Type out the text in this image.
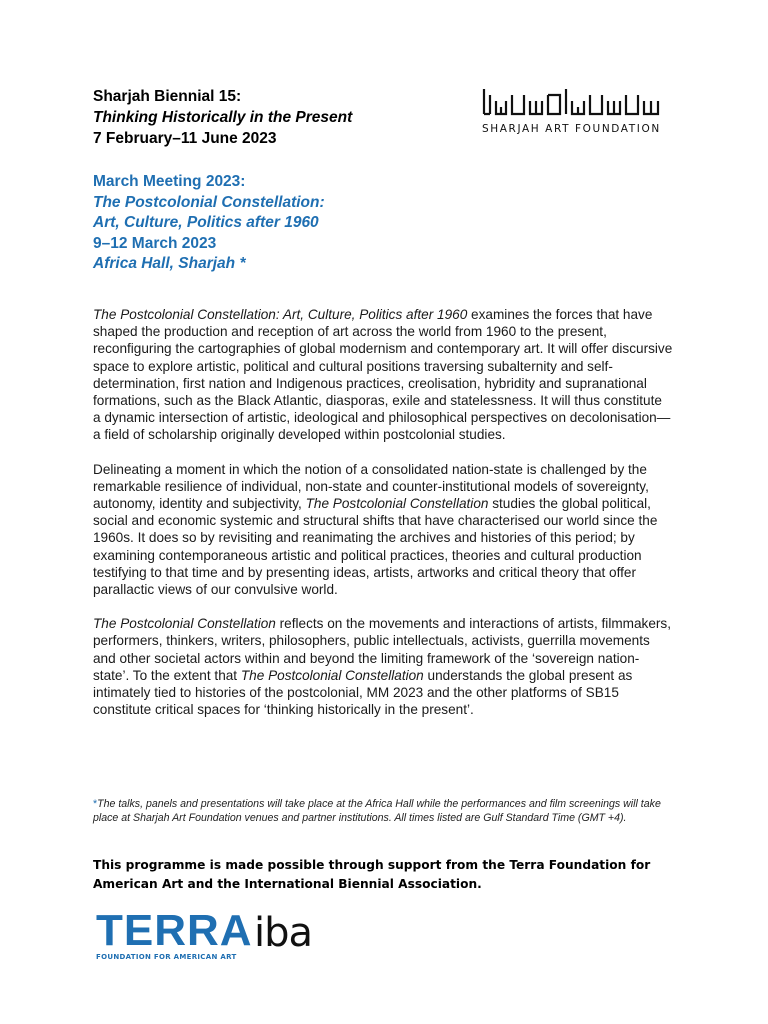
Sharjah Biennial 15:
Thinking Historically in the Present
7 February–11 June 2023
SHARJAH ART FOUNDATION
March Meeting 2023:
The Postcolonial Constellation:
Art, Culture, Politics after 1960
9–12 March 2023
Africa Hall, Sharjah *

The Postcolonial Constellation: Art, Culture, Politics after 1960 examines the forces that have shaped the production and reception of art across the world from 1960 to the present, reconfiguring the cartographies of global modernism and contemporary art. It will offer discursive space to explore artistic, political and cultural positions traversing subalternity and self-determination, first nation and Indigenous practices, creolisation, hybridity and supranational formations, such as the Black Atlantic, diasporas, exile and statelessness. It will thus constitute a dynamic intersection of artistic, ideological and philosophical perspectives on decolonisation—a field of scholarship originally developed within postcolonial studies.

Delineating a moment in which the notion of a consolidated nation-state is challenged by the remarkable resilience of individual, non-state and counter-institutional models of sovereignty, autonomy, identity and subjectivity, The Postcolonial Constellation studies the global political, social and economic systemic and structural shifts that have characterised our world since the 1960s. It does so by revisiting and reanimating the archives and histories of this period; by examining contemporaneous artistic and political practices, theories and cultural production testifying to that time and by presenting ideas, artists, artworks and critical theory that offer parallactic views of our convulsive world.

The Postcolonial Constellation reflects on the movements and interactions of artists, filmmakers, performers, thinkers, writers, philosophers, public intellectuals, activists, guerrilla movements and other societal actors within and beyond the limiting framework of the ‘sovereign nation-state’. To the extent that The Postcolonial Constellation understands the global present as intimately tied to histories of the postcolonial, MM 2023 and the other platforms of SB15 constitute critical spaces for ‘thinking historically in the present’.

*The talks, panels and presentations will take place at the Africa Hall while the performances and film screenings will take place at Sharjah Art Foundation venues and partner institutions. All times listed are Gulf Standard Time (GMT +4).
This programme is made possible through support from the Terra Foundation for American Art and the International Biennial Association.
TERRA
FOUNDATION FOR AMERICAN ART
iba
